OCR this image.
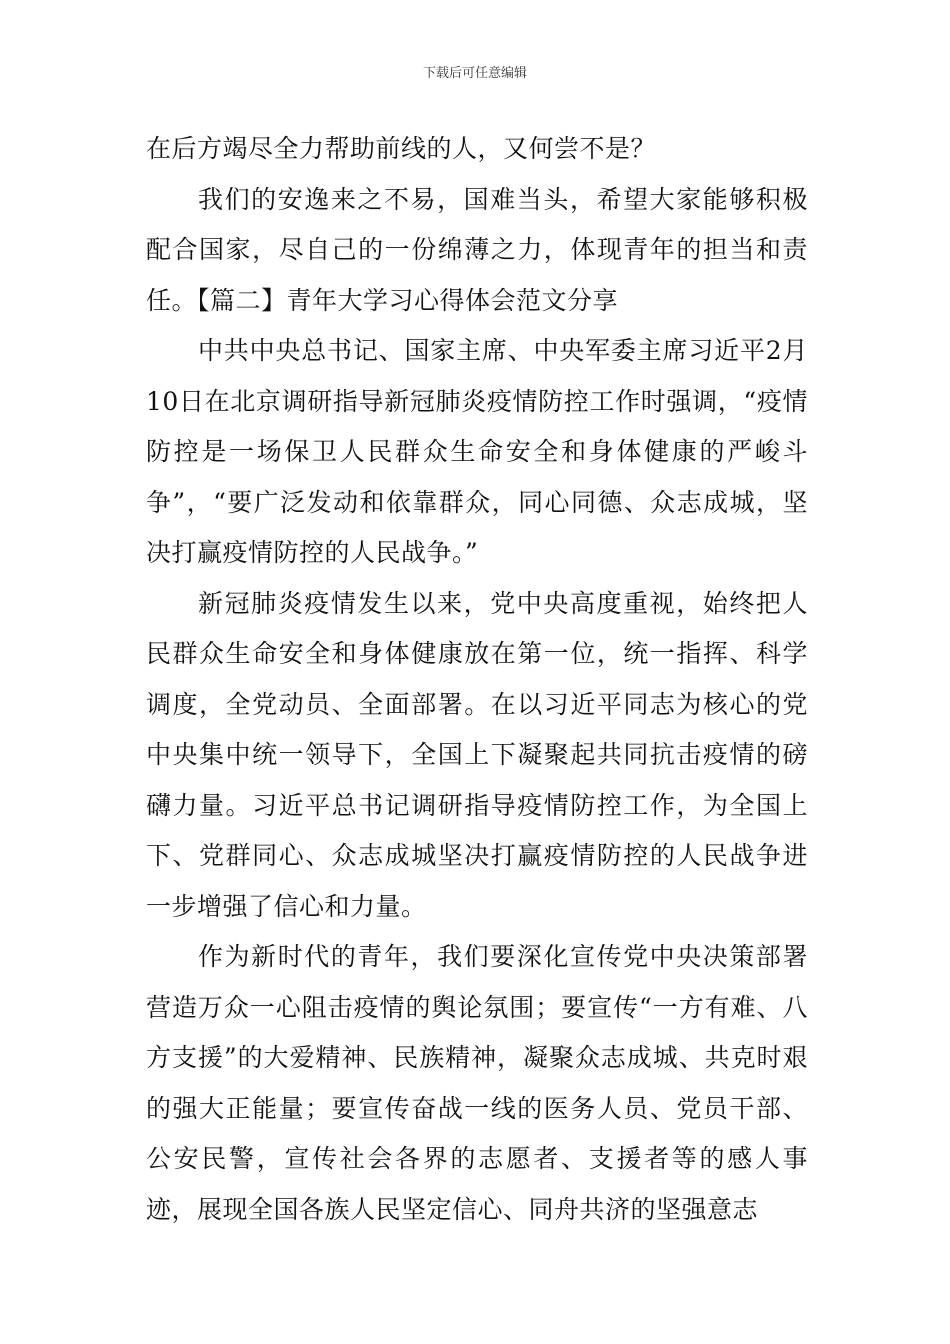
下载后可任意编辑

在后方竭尽全力帮助前线的人，又何尝不是？

我们的安逸来之不易，国难当头，希望大家能够积极配合国家，尽自己的一份绵薄之力，体现青年的担当和责任。【篇二】青年大学习心得体会范文分享

中共中央总书记、国家主席、中央军委主席习近平2月10日在北京调研指导新冠肺炎疫情防控工作时强调，“疫情防控是一场保卫人民群众生命安全和身体健康的严峻斗争”，“要广泛发动和依靠群众，同心同德、众志成城，坚决打赢疫情防控的人民战争。”

新冠肺炎疫情发生以来，党中央高度重视，始终把人民群众生命安全和身体健康放在第一位，统一指挥、科学调度，全党动员、全面部署。在以习近平同志为核心的党中央集中统一领导下，全国上下凝聚起共同抗击疫情的磅礴力量。习近平总书记调研指导疫情防控工作，为全国上下、党群同心、众志成城坚决打赢疫情防控的人民战争进一步增强了信心和力量。

作为新时代的青年，我们要深化宣传党中央决策部署营造万众一心阻击疫情的舆论氛围；要宣传“一方有难、八方支援”的大爱精神、民族精神，凝聚众志成城、共克时艰的强大正能量；要宣传奋战一线的医务人员、党员干部、公安民警，宣传社会各界的志愿者、支援者等的感人事迹，展现全国各族人民坚定信心、同舟共济的坚强意志
